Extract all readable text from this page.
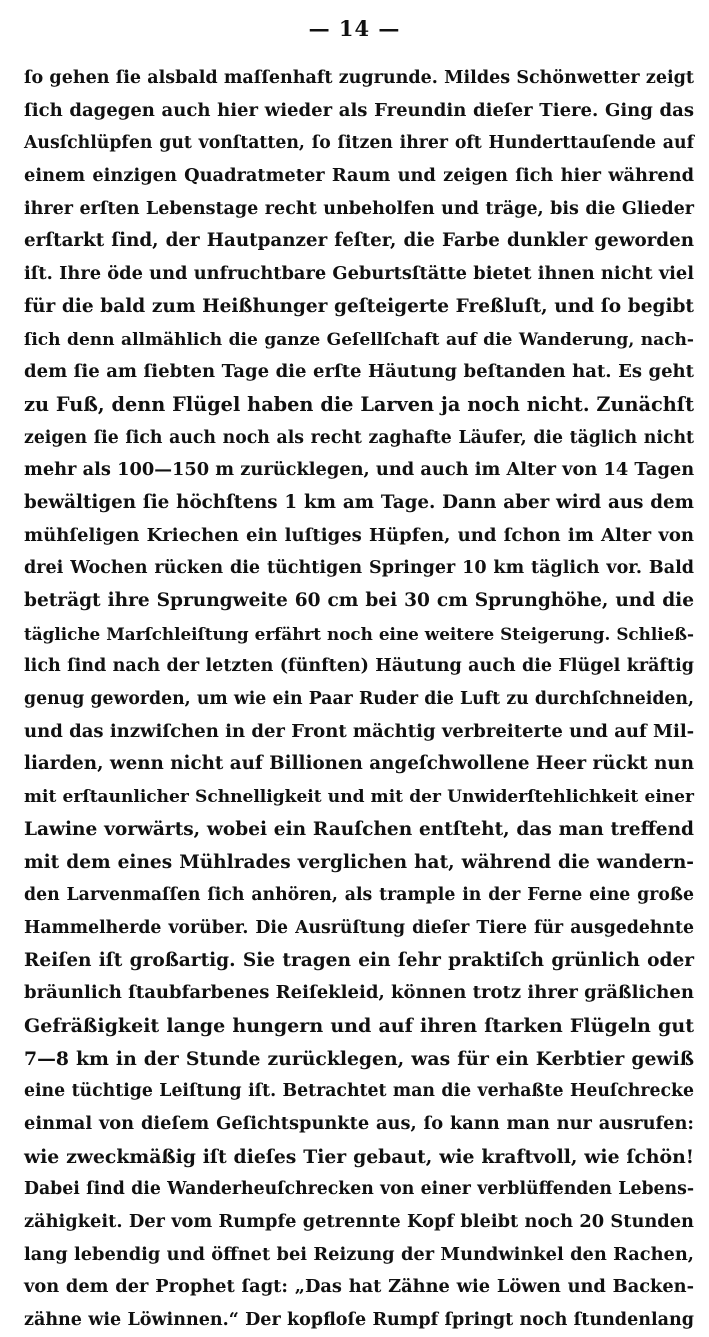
— 14 —
ſo gehen ſie alsbald maſſenhaft zugrunde. Mildes Schönwetter zeigt
ſich dagegen auch hier wieder als Freundin dieſer Tiere. Ging das
Ausſchlüpfen gut vonſtatten, ſo ſitzen ihrer oft Hunderttauſende auf
einem einzigen Quadratmeter Raum und zeigen ſich hier während
ihrer erſten Lebenstage recht unbeholfen und träge, bis die Glieder
erſtarkt ſind, der Hautpanzer feſter, die Farbe dunkler geworden
iſt. Ihre öde und unfruchtbare Geburtsſtätte bietet ihnen nicht viel
für die bald zum Heißhunger geſteigerte Freßluſt, und ſo begibt
ſich denn allmählich die ganze Geſellſchaft auf die Wanderung, nach-
dem ſie am ſiebten Tage die erſte Häutung beſtanden hat. Es geht
zu Fuß, denn Flügel haben die Larven ja noch nicht. Zunächſt
zeigen ſie ſich auch noch als recht zaghafte Läufer, die täglich nicht
mehr als 100—150 m zurücklegen, und auch im Alter von 14 Tagen
bewältigen ſie höchſtens 1 km am Tage. Dann aber wird aus dem
mühſeligen Kriechen ein luſtiges Hüpfen, und ſchon im Alter von
drei Wochen rücken die tüchtigen Springer 10 km täglich vor. Bald
beträgt ihre Sprungweite 60 cm bei 30 cm Sprunghöhe, und die
tägliche Marſchleiſtung erfährt noch eine weitere Steigerung. Schließ-
lich ſind nach der letzten (fünften) Häutung auch die Flügel kräftig
genug geworden, um wie ein Paar Ruder die Luft zu durchſchneiden,
und das inzwiſchen in der Front mächtig verbreiterte und auf Mil-
liarden, wenn nicht auf Billionen angeſchwollene Heer rückt nun
mit erſtaunlicher Schnelligkeit und mit der Unwiderſtehlichkeit einer
Lawine vorwärts, wobei ein Rauſchen entſteht, das man treffend
mit dem eines Mühlrades verglichen hat, während die wandern-
den Larvenmaſſen ſich anhören, als trample in der Ferne eine große
Hammelherde vorüber. Die Ausrüſtung dieſer Tiere für ausgedehnte
Reiſen iſt großartig. Sie tragen ein ſehr praktiſch grünlich oder
bräunlich ſtaubfarbenes Reiſekleid, können trotz ihrer gräßlichen
Gefräßigkeit lange hungern und auf ihren ſtarken Flügeln gut
7—8 km in der Stunde zurücklegen, was für ein Kerbtier gewiß
eine tüchtige Leiſtung iſt. Betrachtet man die verhaßte Heuſchrecke
einmal von dieſem Geſichtspunkte aus, ſo kann man nur ausrufen:
wie zweckmäßig iſt dieſes Tier gebaut, wie kraftvoll, wie ſchön!
Dabei ſind die Wanderheuſchrecken von einer verblüffenden Lebens-
zähigkeit. Der vom Rumpfe getrennte Kopf bleibt noch 20 Stunden
lang lebendig und öffnet bei Reizung der Mundwinkel den Rachen,
von dem der Prophet ſagt: „Das hat Zähne wie Löwen und Backen-
zähne wie Löwinnen.“ Der kopfloſe Rumpf ſpringt noch ſtundenlang
